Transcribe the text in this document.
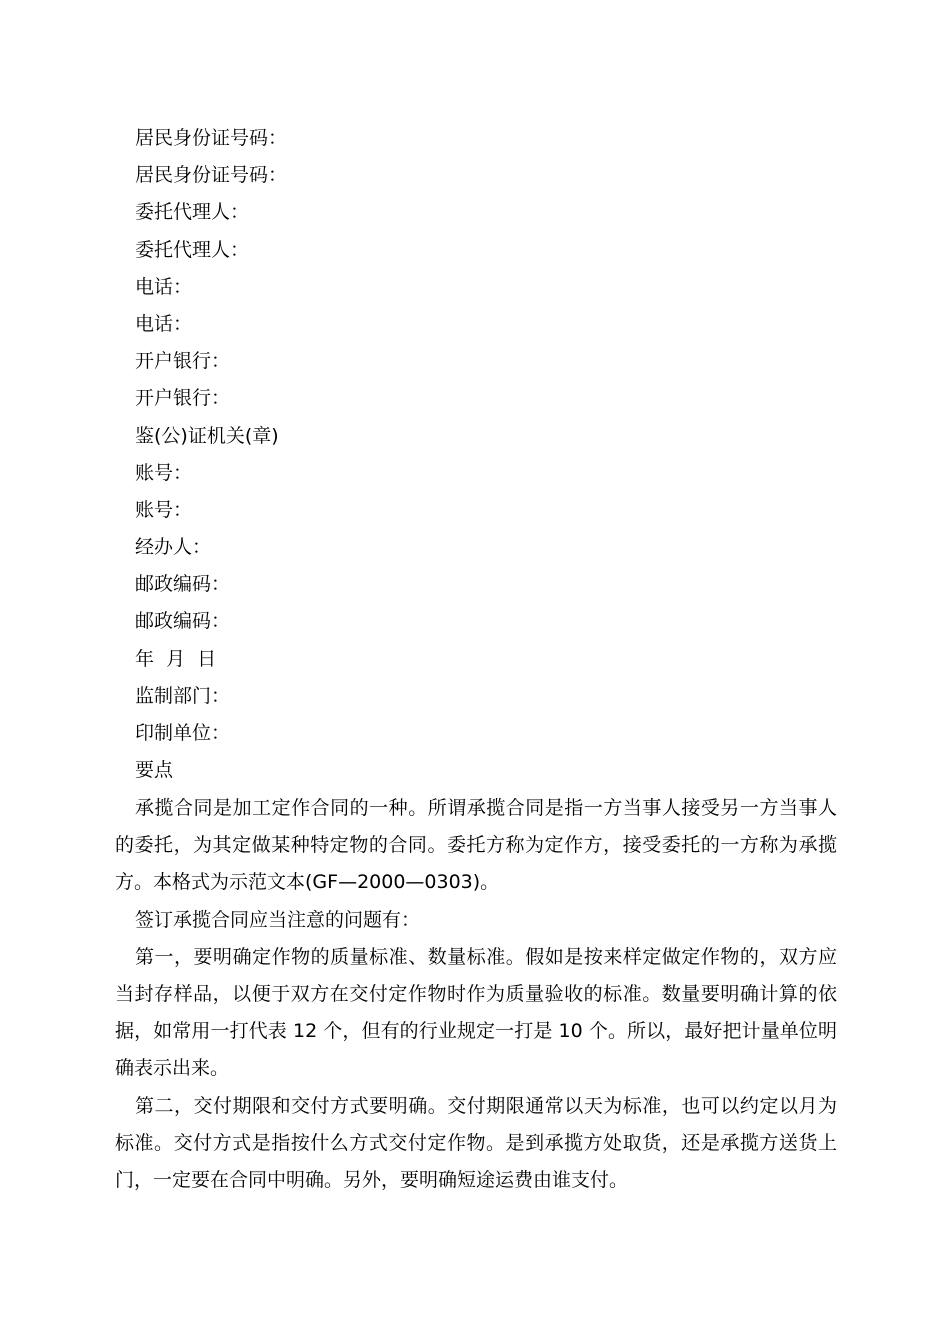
居民身份证号码：
居民身份证号码：
委托代理人：
委托代理人：
电话：
电话：
开户银行：
开户银行：
鉴(公)证机关(章)
账号：
账号：
经办人：
邮政编码：
邮政编码：
年  月  日
监制部门：
印制单位：
要点

承揽合同是加工定作合同的一种。所谓承揽合同是指一方当事人接受另一方当事人的委托，为其定做某种特定物的合同。委托方称为定作方，接受委托的一方称为承揽方。本格式为示范文本(GF—2000—0303)。

签订承揽合同应当注意的问题有：

第一，要明确定作物的质量标准、数量标准。假如是按来样定做定作物的，双方应当封存样品，以便于双方在交付定作物时作为质量验收的标准。数量要明确计算的依据，如常用一打代表 12 个，但有的行业规定一打是 10 个。所以，最好把计量单位明确表示出来。

第二，交付期限和交付方式要明确。交付期限通常以天为标准，也可以约定以月为标准。交付方式是指按什么方式交付定作物。是到承揽方处取货，还是承揽方送货上门，一定要在合同中明确。另外，要明确短途运费由谁支付。
